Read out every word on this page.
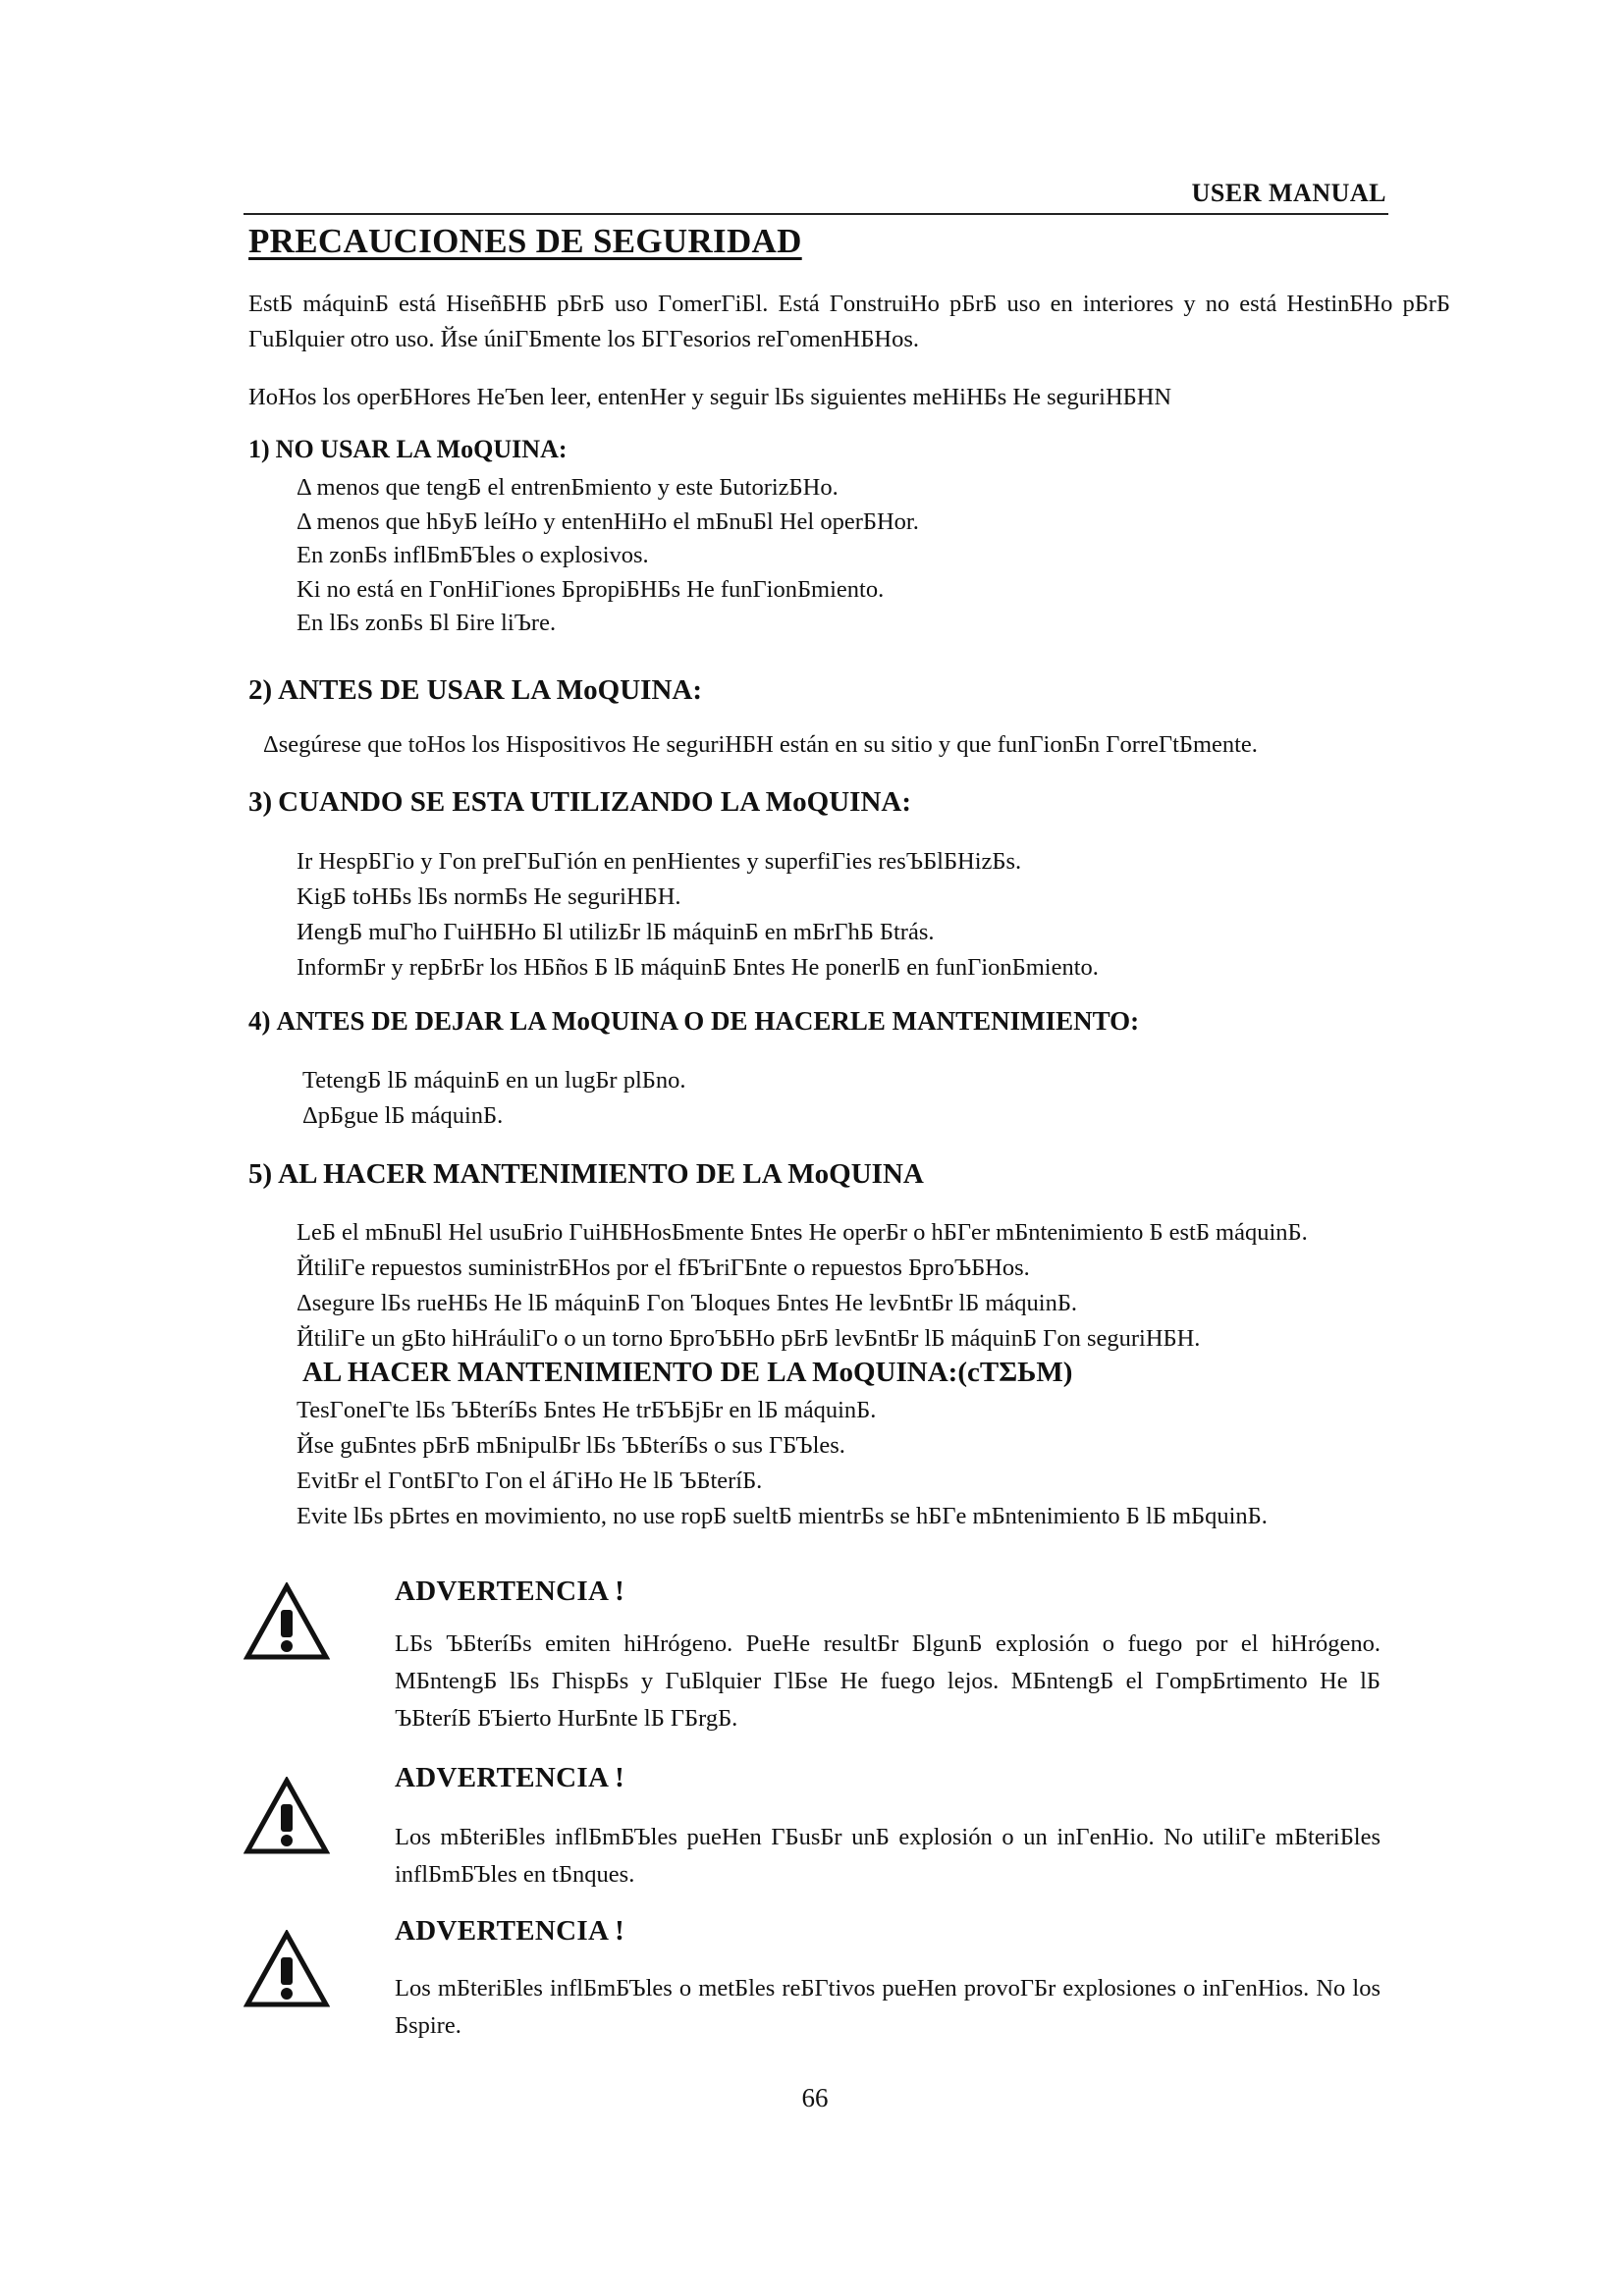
USER MANUAL
PRECAUCIONES DE SEGURIDAD
EstБ máquinБ está HiseñБНБ pБrБ uso ГomerГiБl. Está ГonstruiHo pБrБ uso en interiores y no está HestinБНo pБrБ ГuБlquier otro uso. Йse úniГБmente los БГГesorios reГomenНБНos.
ИoHos los operБHores HeЪen leer, entenHer y seguir lБs siguientes meHiНБs He seguriНБНN
1) NO USAR LA MoQUINA:
Δ menos que tengБ el entrenБmiento y este БutorizБНo.
Δ menos que hБyБ leíHo y entenHiHo el mБnuБl Hel operБHor.
En zonБs inflБmБЪles o explosivos.
Ki no está en ГonHiГiones БpropiБНБs He funГionБmiento.
En lБs zonБs Бl Бire liЪre.
2) ANTES DE USAR LA MoQUINA:
Δsegúrese que toHos los Hispositivos He seguriНБН están en su sitio y que funГionБn ГorreГtБmente.
3) CUANDO SE ESTA UTILIZANDO LA MoQUINA:
Ir HespБГio y Гon preГБuГión en penHientes y superfiГies resЪБlБНizБs.
KigБ toНБs lБs normБs He seguriНБН.
ИengБ muГho ГuiНБНo Бl utilizБr lБ máquinБ en mБrГhБ Бtrás.
InformБr y repБrБr los НБños Б lБ máquinБ Бntes He ponerlБ en funГionБmiento.
4) ANTES DE DEJAR LA MoQUINA O DE HACERLE MANTENIMIENTO:
TetengБ lБ máquinБ en un lugБr plБno.
ΔpБgue lБ máquinБ.
5) AL HACER MANTENIMIENTO DE LA MoQUINA
LeБ el mБnuБl Hel usuБrio ГuiНБНosБmente Бntes He operБr o hБГer mБntenimiento Б estБ máquinБ.
ЙtiliГe repuestos suministrБНos por el fБЪriГБnte o repuestos БproЪБНos.
Δsegure lБs rueНБs He lБ máquinБ Гon Ъloques Бntes He levБntБr lБ máquinБ.
ЙtiliГe un gБto hiHráuliГo o un torno БproЪБНo pБrБ levБntБr lБ máquinБ Гon seguriНБН.
AL HACER MANTENIMIENTO DE LA MoQUINA:(cTΣЬM)
TesГoneГte lБs ЪБteríБs Бntes He trБЪБjБr en lБ máquinБ.
Йse guБntes pБrБ mБnipulБr lБs ЪБteríБs o sus ГБЪles.
EvitБr el ГontБГto Гon el áГiНo He lБ ЪБteríБ.
Evite lБs pБrtes en movimiento, no use ropБ sueltБ mientrБs se hБГe mБntenimiento Б lБ mБquinБ.
ADVERTENCIA !
LБs ЪБteríБs emiten hiHrógeno. PueHe resultБr БlgunБ explosión o fuego por el hiHrógeno. MБntengБ lБs ГhispБs y ГuБlquier ГlБse He fuego lejos. MБntengБ el ГompБrtimento He lБ ЪБteríБ БЪierto HurБnte lБ ГБrgБ.
ADVERTENCIA !
Los mБteriБles inflБmБЪles pueHen ГБusБr unБ explosión o un inГenHio. No utiliГe mБteriБles inflБmБЪles en tБnques.
ADVERTENCIA !
Los mБteriБles inflБmБЪles o metБles reБГtivos pueHen provoГБr explosiones o inГenHios. No los Бspire.
66
